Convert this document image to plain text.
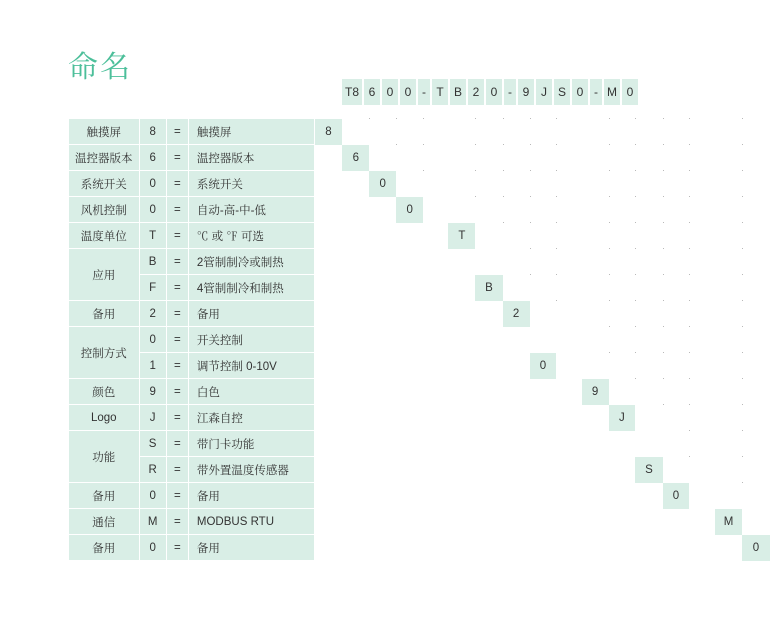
命名
T8 6 0 0 - T B 2 0 - 9 J S 0 - M 0
触摸屏	8	=	触摸屏	8																
温控器版本	6	=	温控器版本		6															
系统开关	0	=	系统开关			0														
风机控制	0	=	自动-高-中-低				0													
温度单位	T	=	℃ 或 ℉ 可选						T											
应用	B	=	2管制制冷或制热																	
	F	=	4管制制冷和制热							B										
备用	2	=	备用								2									
控制方式	0	=	开关控制																	
	1	=	调节控制 0-10V									0								
颜色	9	=	白色											9						
Logo	J	=	江森自控												J					
功能	S	=	带门卡功能																	
	R	=	带外置温度传感器													S				
备用	0	=	备用														0			
通信	M	=	MODBUS RTU																M	
备用	0	=	备用																	0
